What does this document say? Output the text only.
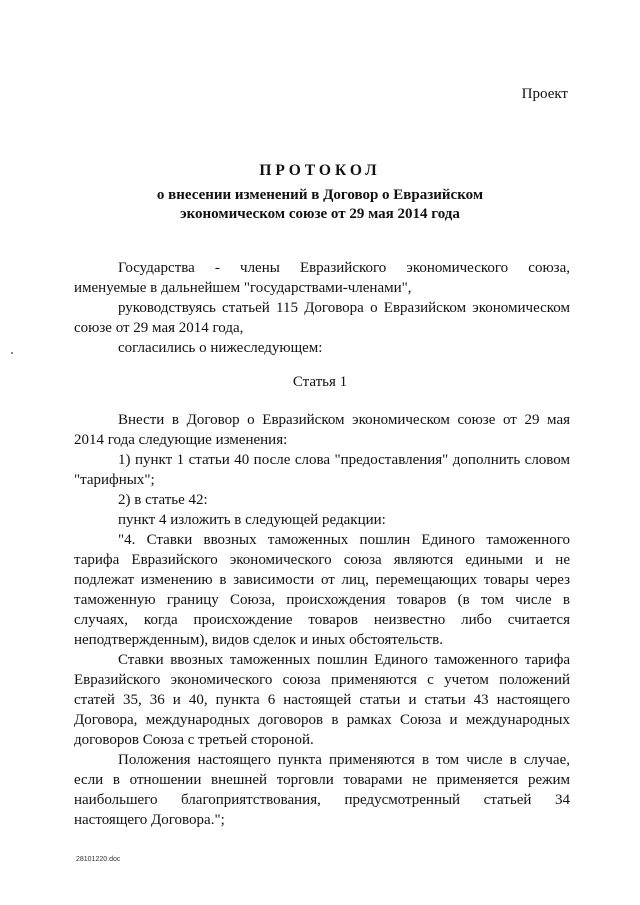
Проект
ПРОТОКОЛ
о внесении изменений в Договор о Евразийском
экономическом союзе от 29 мая 2014 года
Государства - члены Евразийского экономического союза,
именуемые в дальнейшем "государствами-членами",
руководствуясь статьей 115 Договора о Евразийском экономическом
союзе от 29 мая 2014 года,
согласились о нижеследующем:
Статья 1
Внести в Договор о Евразийском экономическом союзе от 29 мая
2014 года следующие изменения:
1) пункт 1 статьи 40 после слова "предоставления" дополнить словом
"тарифных";
2) в статье 42:
пункт 4 изложить в следующей редакции:
"4. Ставки ввозных таможенных пошлин Единого таможенного
тарифа Евразийского экономического союза являются едиными и не
подлежат изменению в зависимости от лиц, перемещающих товары через
таможенную границу Союза, происхождения товаров (в том числе в
случаях, когда происхождение товаров неизвестно либо считается
неподтвержденным), видов сделок и иных обстоятельств.
Ставки ввозных таможенных пошлин Единого таможенного тарифа
Евразийского экономического союза применяются с учетом положений
статей 35, 36 и 40, пункта 6 настоящей статьи и статьи 43 настоящего
Договора, международных договоров в рамках Союза и международных
договоров Союза с третьей стороной.
Положения настоящего пункта применяются в том числе в случае,
если в отношении внешней торговли товарами не применяется режим
наибольшего благоприятствования, предусмотренный статьей 34
настоящего Договора.";
28101220.doc
